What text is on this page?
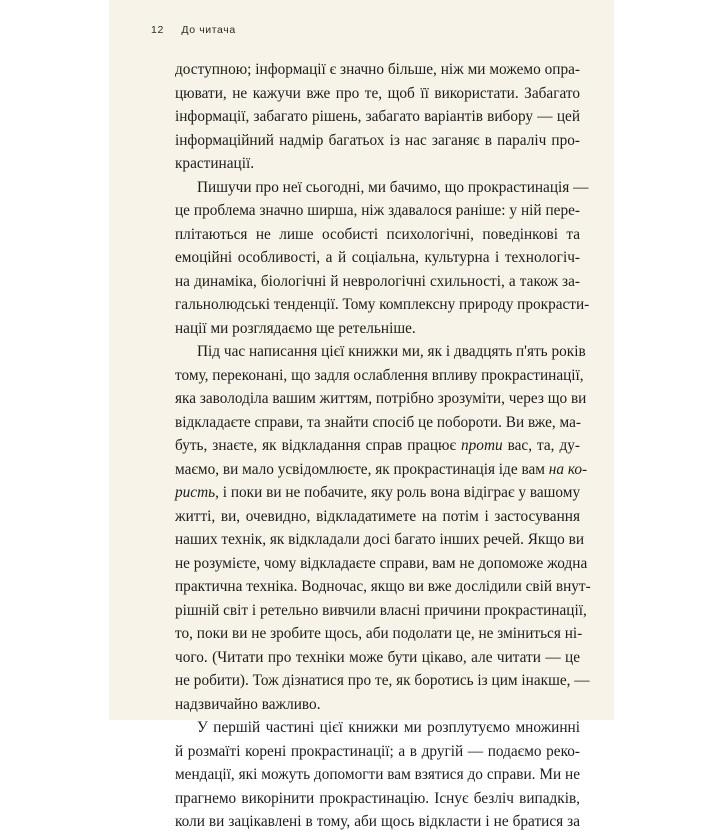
12 До читача
доступною; інформації є значно більше, ніж ми можемо опра-
цювати, не кажучи вже про те, щоб її використати. Забагато
інформації, забагато рішень, забагато варіантів вибору — цей
інформаційний надмір багатьох із нас заганяє в параліч про-
крастинації.
Пишучи про неї сьогодні, ми бачимо, що прокрастинація —
це проблема значно ширша, ніж здавалося раніше: у ній пере-
плітаються не лише особисті психологічні, поведінкові та
емоційні особливості, а й соціальна, культурна і технологіч-
на динаміка, біологічні й неврологічні схильності, а також за-
гальнолюдські тенденції. Тому комплексну природу прокрасти-
нації ми розглядаємо ще ретельніше.
Під час написання цієї книжки ми, як і двадцять п'ять років
тому, переконані, що задля ослаблення впливу прокрастинації,
яка заволоділа вашим життям, потрібно зрозуміти, через що ви
відкладаєте справи, та знайти спосіб це побороти. Ви вже, ма-
буть, знаєте, як відкладання справ працює проти вас, та, ду-
маємо, ви мало усвідомлюєте, як прокрастинація іде вам на ко-
ристь, і поки ви не побачите, яку роль вона відіграє у вашому
житті, ви, очевидно, відкладатимете на потім і застосування
наших технік, як відкладали досі багато інших речей. Якщо ви
не розумієте, чому відкладаєте справи, вам не допоможе жодна
практична техніка. Водночас, якщо ви вже дослідили свій внут-
рішній світ і ретельно вивчили власні причини прокрастинації,
то, поки ви не зробите щось, аби подолати це, не зміниться ні-
чого. (Читати про техніки може бути цікаво, але читати — це
не робити). Тож дізнатися про те, як боротись із цим інакше, —
надзвичайно важливо.
У першій частині цієї книжки ми розплутуємо множинні
й розмаїті корені прокрастинації; а в другій — подаємо реко-
мендації, які можуть допомогти вам взятися до справи. Ми не
прагнемо викорінити прокрастинацію. Існує безліч випадків,
коли ви зацікавлені в тому, аби щось відкласти і не братися за
